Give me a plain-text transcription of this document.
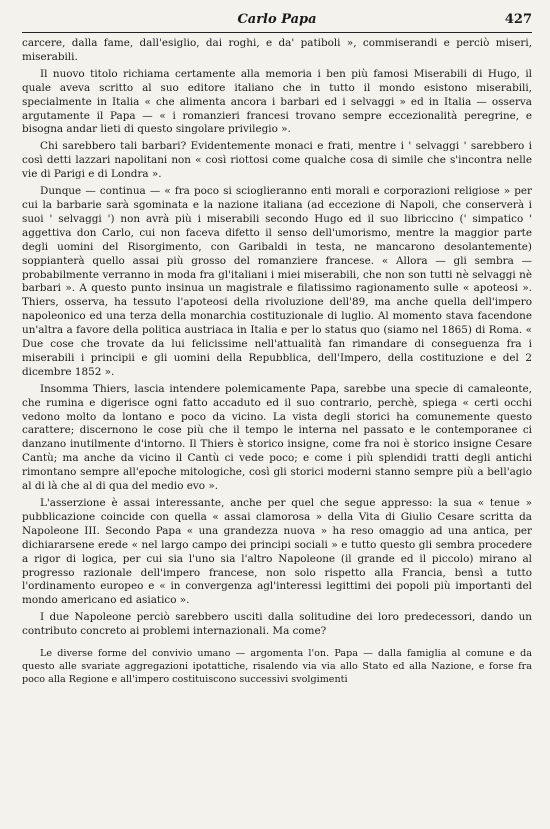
Carlo Papa	427

carcere, dalla fame, dall'esiglio, dai roghi, e da' patiboli », commiserandi e perciò miseri, miserabili.

Il nuovo titolo richiama certamente alla memoria i ben più famosi Miserabili di Hugo, il quale aveva scritto al suo editore italiano che in tutto il mondo esistono miserabili, specialmente in Italia « che alimenta ancora i barbari ed i selvaggi » ed in Italia — osserva argutamente il Papa — « i romanzieri francesi trovano sempre eccezionalità peregrine, e bisogna andar lieti di questo singolare privilegio ».

Chi sarebbero tali barbari? Evidentemente monaci e frati, mentre i ' selvaggi ' sarebbero i così detti lazzari napolitani non « così riottosi come qualche cosa di simile che s'incontra nelle vie di Parigi e di Londra ».

Dunque — continua — « fra poco si scioglieranno enti morali e corporazioni religiose » per cui la barbarie sarà sgominata e la nazione italiana (ad eccezione di Napoli, che conserverà i suoi ' selvaggi ') non avrà più i miserabili secondo Hugo ed il suo libriccino (' simpatico ' aggettiva don Carlo, cui non faceva difetto il senso dell'umorismo, mentre la maggior parte degli uomini del Risorgimento, con Garibaldi in testa, ne mancarono desolantemente) soppianterà quello assai più grosso del romanziere francese. « Allora — gli sembra — probabilmente verranno in moda fra gl'italiani i miei miserabili, che non son tutti nè selvaggi nè barbari ». A questo punto insinua un magistrale e filatissimo ragionamento sulle « apoteosi ». Thiers, osserva, ha tessuto l'apoteosi della rivoluzione dell'89, ma anche quella dell'impero napoleonico ed una terza della monarchia costituzionale di luglio. Al momento stava facendone un'altra a favore della politica austriaca in Italia e per lo status quo (siamo nel 1865) di Roma. « Due cose che trovate da lui felicissime nell'attualità fan rimandare di conseguenza fra i miserabili i principii e gli uomini della Repubblica, dell'Impero, della costituzione e del 2 dicembre 1852 ».

Insomma Thiers, lascia intendere polemicamente Papa, sarebbe una specie di camaleonte, che rumina e digerisce ogni fatto accaduto ed il suo contrario, perchè, spiega « certi occhi vedono molto da lontano e poco da vicino. La vista degli storici ha comunemente questo carattere; discernono le cose più che il tempo le interna nel passato e le contemporanee ci danzano inutilmente d'intorno. Il Thiers è storico insigne, come fra noi è storico insigne Cesare Cantù; ma anche da vicino il Cantù ci vede poco; e come i più splendidi tratti degli antichi rimontano sempre all'epoche mitologiche, così gli storici moderni stanno sempre più a bell'agio al di là che al di qua del medio evo ».

L'asserzione è assai interessante, anche per quel che segue appresso: la sua « tenue » pubblicazione coincide con quella « assai clamorosa » della Vita di Giulio Cesare scritta da Napoleone III. Secondo Papa « una grandezza nuova » ha reso omaggio ad una antica, per dichiararsene erede « nel largo campo dei principi sociali » e tutto questo gli sembra procedere a rigor di logica, per cui sia l'uno sia l'altro Napoleone (il grande ed il piccolo) mirano al progresso razionale dell'impero francese, non solo rispetto alla Francia, bensì a tutto l'ordinamento europeo e « in convergenza agl'interessi legittimi dei popoli più importanti del mondo americano ed asiatico ».

I due Napoleone perciò sarebbero usciti dalla solitudine dei loro predecessori, dando un contributo concreto ai problemi internazionali. Ma come?

Le diverse forme del convivio umano — argomenta l'on. Papa — dalla famiglia al comune e da questo alle svariate aggregazioni ipotattiche, risalendo via via allo Stato ed alla Nazione, e forse fra poco alla Regione e all'impero costituiscono successivi svolgimenti
